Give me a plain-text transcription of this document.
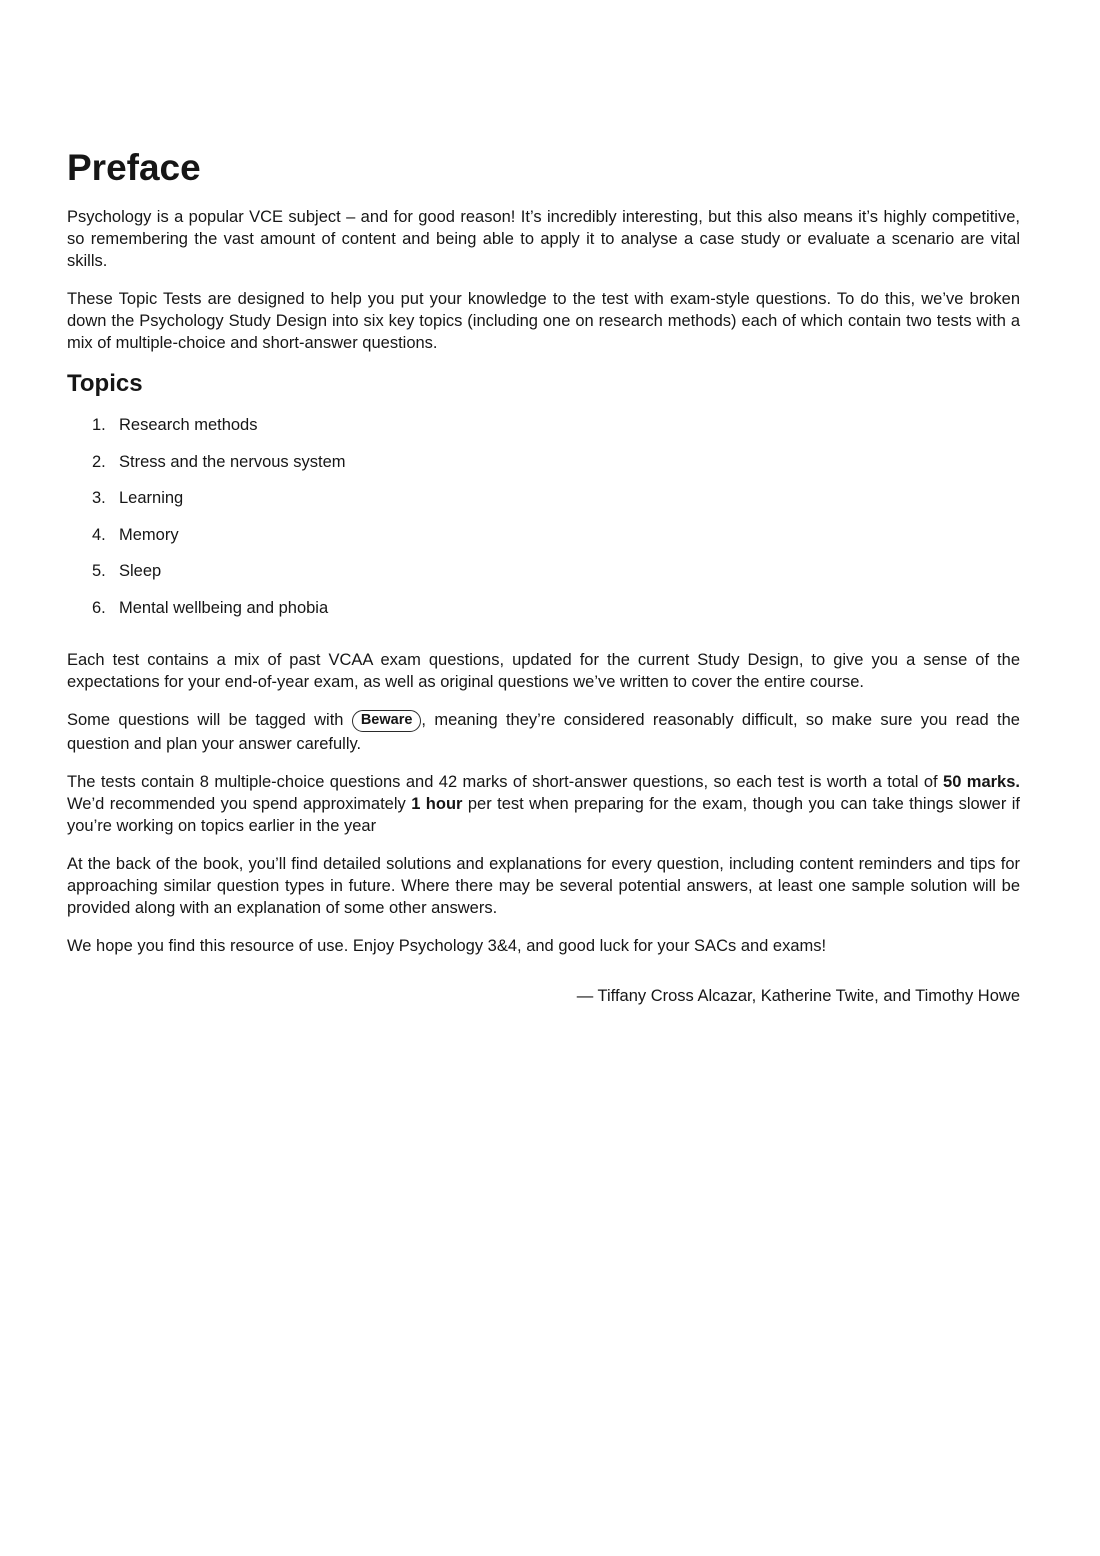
Preface

Psychology is a popular VCE subject – and for good reason! It’s incredibly interesting, but this also means it’s highly competitive, so remembering the vast amount of content and being able to apply it to analyse a case study or evaluate a scenario are vital skills.

These Topic Tests are designed to help you put your knowledge to the test with exam-style questions. To do this, we’ve broken down the Psychology Study Design into six key topics (including one on research methods) each of which contain two tests with a mix of multiple-choice and short-answer questions.

Topics
1. Research methods
2. Stress and the nervous system
3. Learning
4. Memory
5. Sleep
6. Mental wellbeing and phobia

Each test contains a mix of past VCAA exam questions, updated for the current Study Design, to give you a sense of the expectations for your end-of-year exam, as well as original questions we’ve written to cover the entire course.

Some questions will be tagged with Beware , meaning they’re considered reasonably difficult, so make sure you read the question and plan your answer carefully.

The tests contain 8 multiple-choice questions and 42 marks of short-answer questions, so each test is worth a total of 50 marks. We’d recommended you spend approximately 1 hour per test when preparing for the exam, though you can take things slower if you’re working on topics earlier in the year

At the back of the book, you’ll find detailed solutions and explanations for every question, including content reminders and tips for approaching similar question types in future. Where there may be several potential answers, at least one sample solution will be provided along with an explanation of some other answers.

We hope you find this resource of use. Enjoy Psychology 3&4, and good luck for your SACs and exams!

— Tiffany Cross Alcazar, Katherine Twite, and Timothy Howe
